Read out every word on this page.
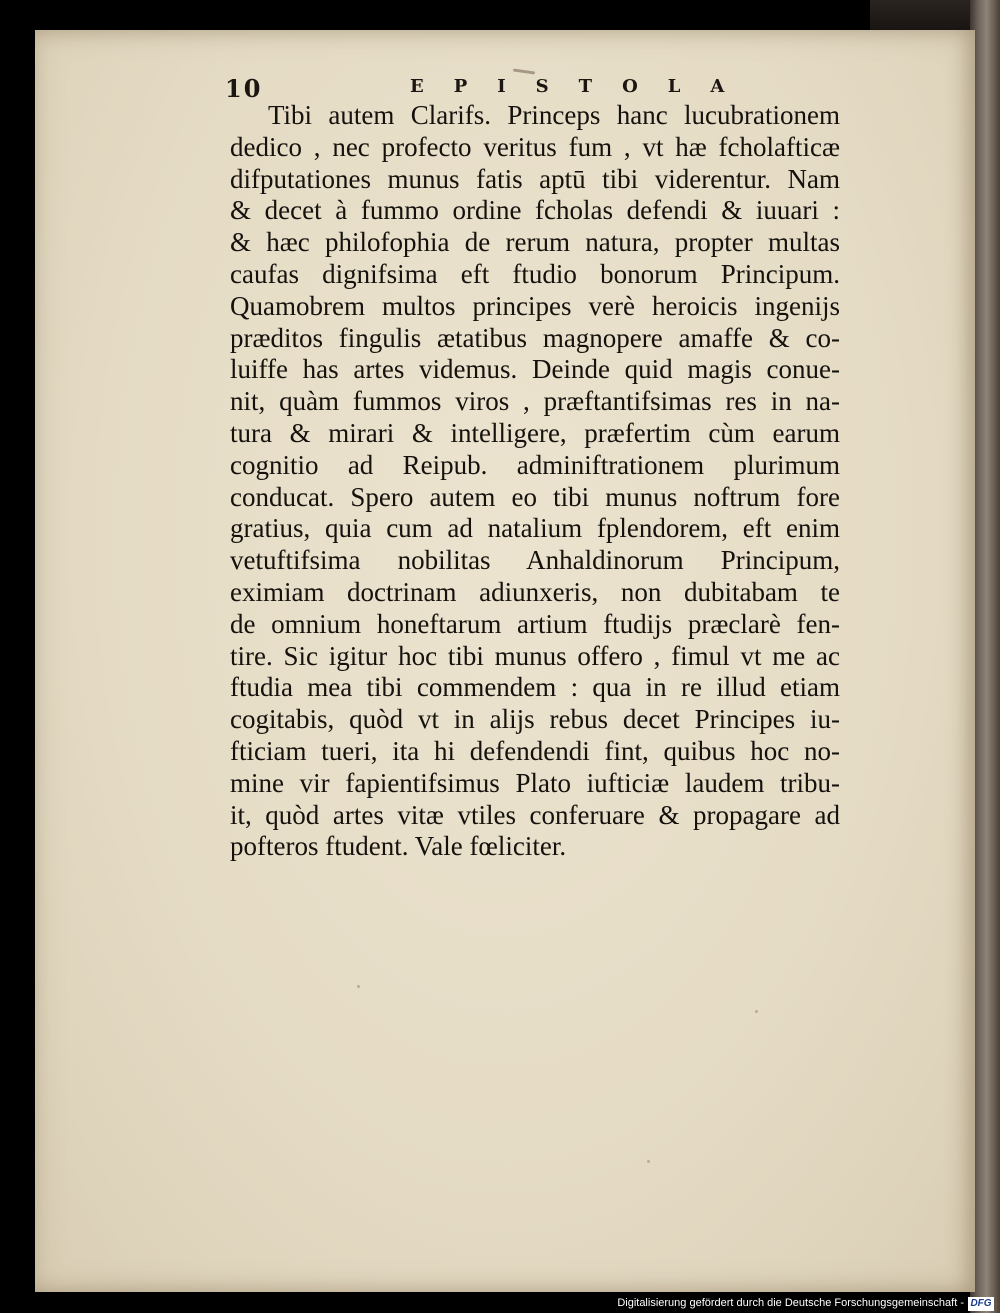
10	EPISTOLA
Tibi autem Clarifs. Princeps hanc lucubrationem
dedico , nec profecto veritus fum , vt hæ fcholafticæ
difputationes munus fatis aptū tibi viderentur. Nam
& decet à fummo ordine fcholas defendi & iuuari :
& hæc philofophia de rerum natura, propter multas
caufas dignifsima eft ftudio bonorum Principum.
Quamobrem multos principes verè heroicis ingenijs
præditos fingulis ætatibus magnopere amaffe & co-
luiffe has artes videmus. Deinde quid magis conue-
nit, quàm fummos viros , præftantifsimas res in na-
tura & mirari & intelligere, præfertim cùm earum
cognitio ad Reipub. adminiftrationem plurimum
conducat. Spero autem eo tibi munus noftrum fore
gratius, quia cum ad natalium fplendorem, eft enim
vetuftifsima nobilitas Anhaldinorum Principum,
eximiam doctrinam adiunxeris, non dubitabam te
de omnium honeftarum artium ftudijs præclarè fen-
tire. Sic igitur hoc tibi munus offero , fimul vt me ac
ftudia mea tibi commendem : qua in re illud etiam
cogitabis, quòd vt in alijs rebus decet Principes iu-
fticiam tueri, ita hi defendendi fint, quibus hoc no-
mine vir fapientifsimus Plato iufticiæ laudem tribu-
it, quòd artes vitæ vtiles conferuare & propagare ad
pofteros ftudent. Vale fœliciter.
Digitalisierung gefördert durch die Deutsche Forschungsgemeinschaft - DFG
